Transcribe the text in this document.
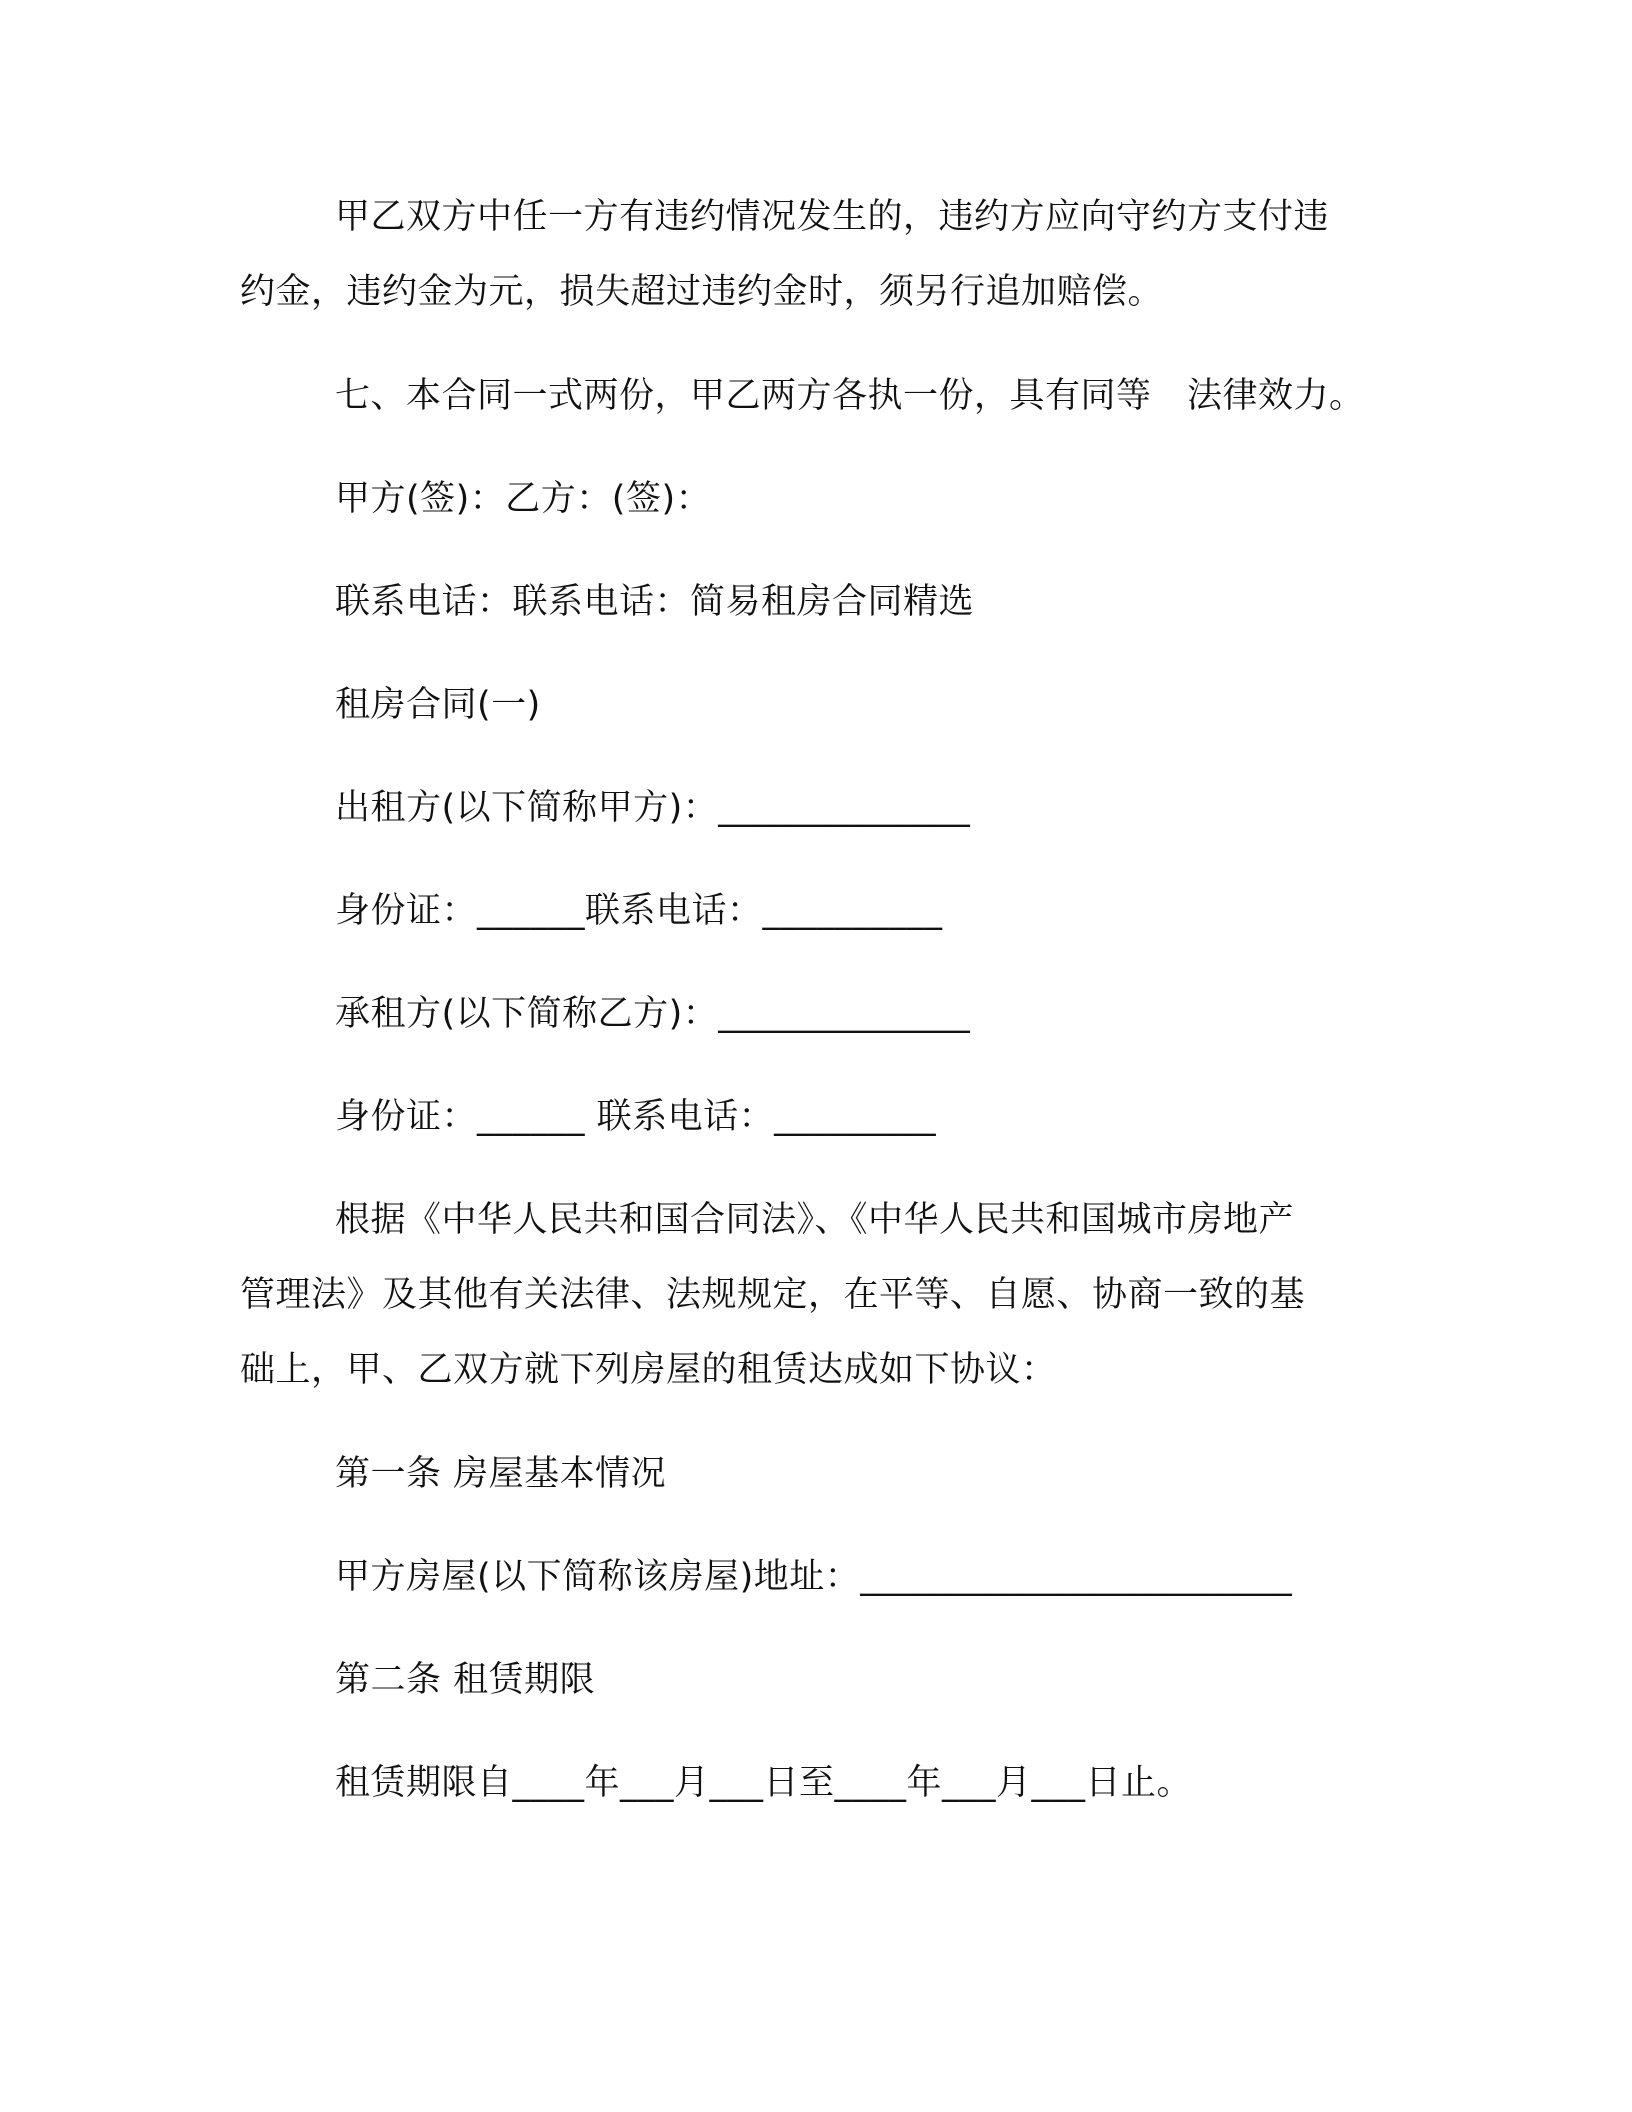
甲乙双方中任一方有违约情况发生的，违约方应向守约方支付违
约金，违约金为元，损失超过违约金时，须另行追加赔偿。
七、本合同一式两份，甲乙两方各执一份，具有同等　法律效力。
甲方(签)：乙方：(签)：
联系电话：联系电话：简易租房合同精选
租房合同(一)
出租方(以下简称甲方)：______________
身份证：______联系电话：__________
承租方(以下简称乙方)：______________
身份证：______ 联系电话：_________
根据《中华人民共和国合同法》、《中华人民共和国城市房地产
管理法》及其他有关法律、法规规定，在平等、自愿、协商一致的基
础上，甲、乙双方就下列房屋的租赁达成如下协议：
第一条 房屋基本情况
甲方房屋(以下简称该房屋)地址：________________________
第二条 租赁期限
租赁期限自____年___月___日至____年___月___日止。
